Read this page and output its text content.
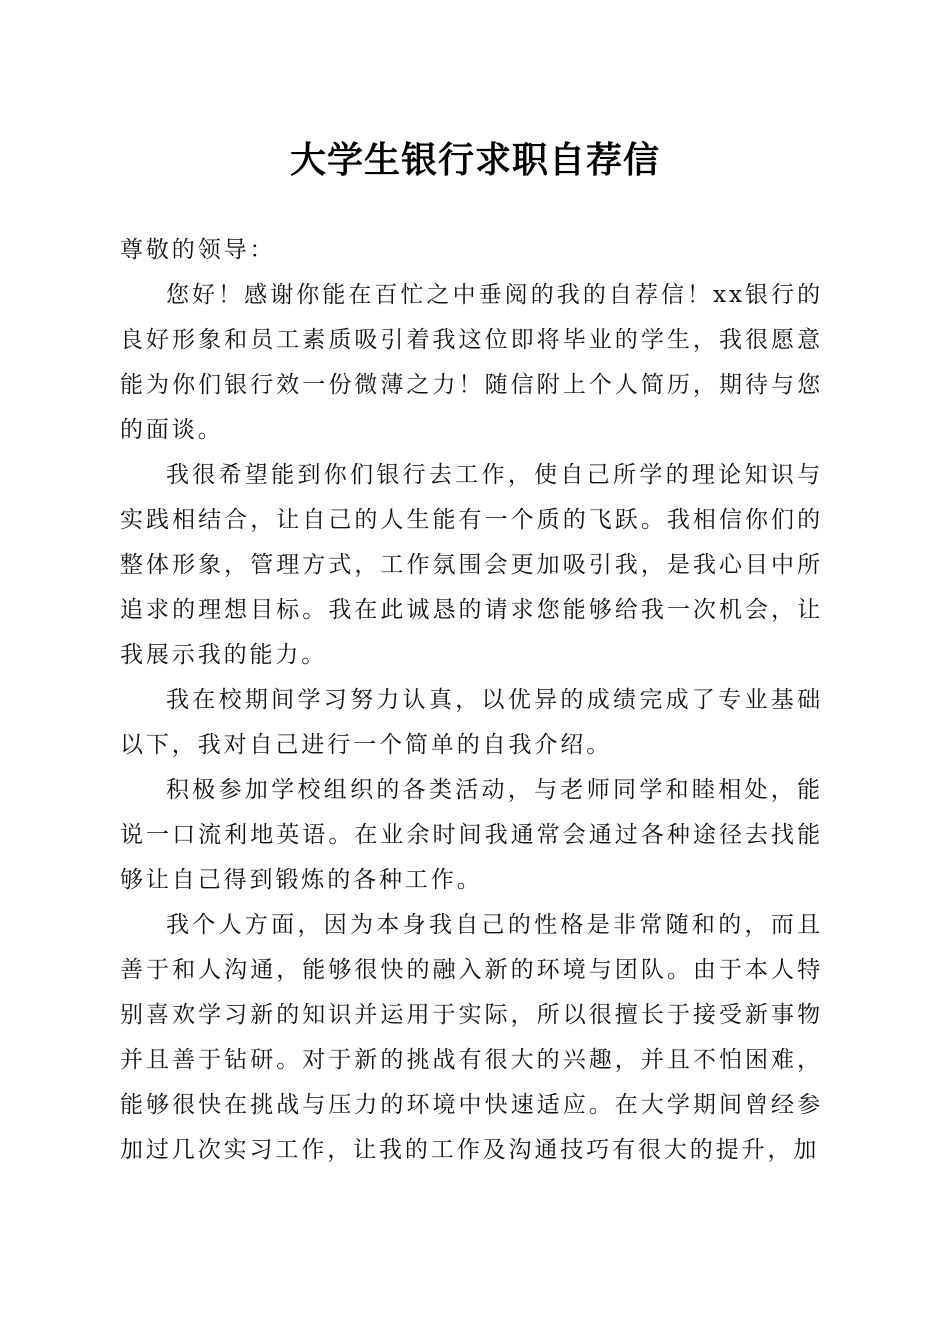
大学生银行求职自荐信

尊敬的领导：

您好！感谢你能在百忙之中垂阅的我的自荐信！xx银行的良好形象和员工素质吸引着我这位即将毕业的学生，我很愿意能为你们银行效一份微薄之力！随信附上个人简历，期待与您的面谈。

我很希望能到你们银行去工作，使自己所学的理论知识与实践相结合，让自己的人生能有一个质的飞跃。我相信你们的整体形象，管理方式，工作氛围会更加吸引我，是我心目中所追求的理想目标。我在此诚恳的请求您能够给我一次机会，让我展示我的能力。

我在校期间学习努力认真，以优异的成绩完成了专业基础以下，我对自己进行一个简单的自我介绍。

积极参加学校组织的各类活动，与老师同学和睦相处，能说一口流利地英语。在业余时间我通常会通过各种途径去找能够让自己得到锻炼的各种工作。

我个人方面，因为本身我自己的性格是非常随和的，而且善于和人沟通，能够很快的融入新的环境与团队。由于本人特别喜欢学习新的知识并运用于实际，所以很擅长于接受新事物并且善于钻研。对于新的挑战有很大的兴趣，并且不怕困难，能够很快在挑战与压力的环境中快速适应。在大学期间曾经参加过几次实习工作，让我的工作及沟通技巧有很大的提升，加
